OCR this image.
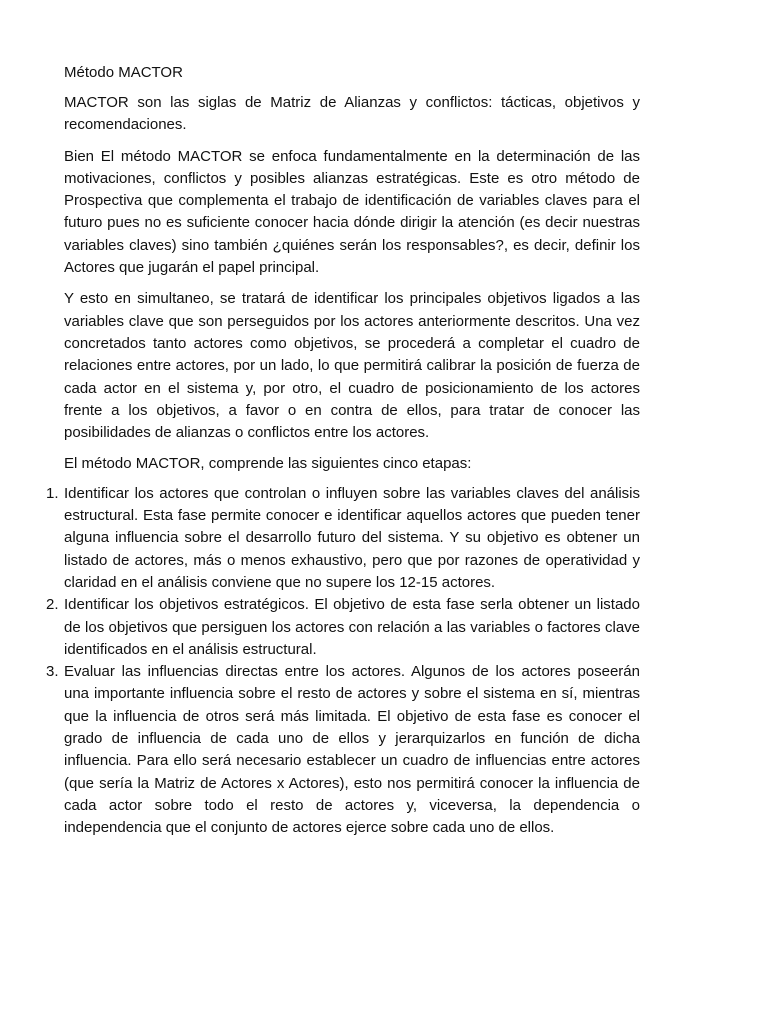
Método MACTOR

MACTOR son las siglas de Matriz de Alianzas y conflictos: tácticas, objetivos y recomendaciones.

Bien El método MACTOR se enfoca fundamentalmente en la determinación de las motivaciones, conflictos y posibles alianzas estratégicas. Este es otro método de Prospectiva que complementa el trabajo de identificación de variables claves para el futuro pues no es suficiente conocer hacia dónde dirigir la atención (es decir nuestras variables claves) sino también ¿quiénes serán los responsables?, es decir, definir los Actores que jugarán el papel principal.

Y esto en simultaneo, se tratará de identificar los principales objetivos ligados a las variables clave que son perseguidos por los actores anteriormente descritos. Una vez concretados tanto actores como objetivos, se procederá a completar el cuadro de relaciones entre actores, por un lado, lo que permitirá calibrar la posición de fuerza de cada actor en el sistema y, por otro, el cuadro de posicionamiento de los actores frente a los objetivos, a favor o en contra de ellos, para tratar de conocer las posibilidades de alianzas o conflictos entre los actores.

El método MACTOR, comprende las siguientes cinco etapas:

1. Identificar los actores que controlan o influyen sobre las variables claves del análisis estructural. Esta fase permite conocer e identificar aquellos actores que pueden tener alguna influencia sobre el desarrollo futuro del sistema. Y su objetivo es obtener un listado de actores, más o menos exhaustivo, pero que por razones de operatividad y claridad en el análisis conviene que no supere los 12-15 actores.
2. Identificar los objetivos estratégicos. El objetivo de esta fase serla obtener un listado de los objetivos que persiguen los actores con relación a las variables o factores clave identificados en el análisis estructural.
3. Evaluar las influencias directas entre los actores. Algunos de los actores poseerán una importante influencia sobre el resto de actores y sobre el sistema en sí, mientras que la influencia de otros será más limitada. El objetivo de esta fase es conocer el grado de influencia de cada uno de ellos y jerarquizarlos en función de dicha influencia. Para ello será necesario establecer un cuadro de influencias entre actores (que sería la Matriz de Actores x Actores), esto nos permitirá conocer la influencia de cada actor sobre todo el resto de actores y, viceversa, la dependencia o independencia que el conjunto de actores ejerce sobre cada uno de ellos.
